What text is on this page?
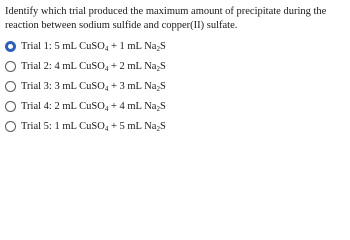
Identify which trial produced the maximum amount of precipitate during the reaction between sodium sulfide and copper(II) sulfate.
Trial 1: 5 mL CuSO$_4$ + 1 mL $Na_2S$
Trial 2: 4 mL CuSO$_4$ + 2 mL $Na_2S$
Trial 3: 3 mL CuSO$_4$ + 3 mL $Na_2S$
Trial 4: 2 mL CuSO$_4$ + 4 mL $Na_2S$
Trial 5: 1 mL CuSO$_4$ + 5 mL $Na_2S$
